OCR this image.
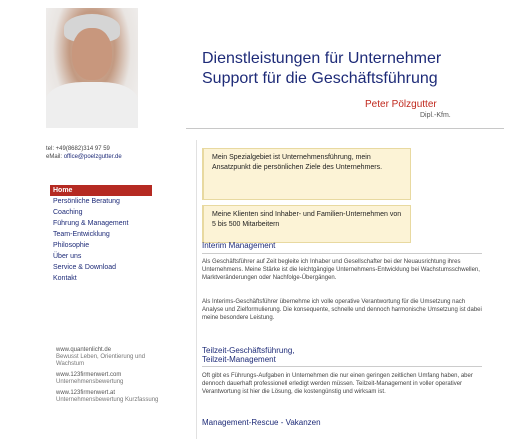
Dienstleistungen für Unternehmer
Support für die Geschäftsführung
Peter Pölzgutter
Dipl.-Kfm.
tel: +49(8682)314 97 59
eMail: office@poelzgutter.de
Home
Persönliche Beratung
Coaching
Führung & Management
Team-Entwicklung
Philosophie
Über uns
Service & Download
Kontakt
www.quantenlicht.de
Bewusst Leben, Orientierung und Wachstum
www.123firmenwert.com
Unternehmensbewertung
www.123firmenwert.at
Unternehmensbewertung Kurzfassung
Mein Spezialgebiet ist Unternehmensführung, mein Ansatzpunkt die persönlichen Ziele des Unternehmers.
Meine Klienten sind Inhaber- und Familien-Unternehmen von 5 bis 500 Mitarbeitern
Interim Management
Als Geschäftsführer auf Zeit begleite ich Inhaber und Gesellschafter bei der Neuausrichtung ihres Unternehmens. Meine Stärke ist die leichtgängige Unternehmens-Entwicklung bei Wachstumsschwellen, Marktveränderungen oder Nachfolge-Übergängen.
Als Interims-Geschäftsführer übernehme ich volle operative Verantwortung für die Umsetzung nach Analyse und Zielformulierung. Die konsequente, schnelle und dennoch harmonische Umsetzung ist dabei meine besondere Leistung.
Teilzeit-Geschäftsführung,
Teilzeit-Management
Oft gibt es Führungs-Aufgaben in Unternehmen die nur einen geringen zeitlichen Umfang haben, aber dennoch dauerhaft professionell erledigt werden müssen. Teilzeit-Management in voller operativer Verantwortung ist hier die Lösung, die kostengünstig und wirksam ist.
Management-Rescue - Vakanzen
